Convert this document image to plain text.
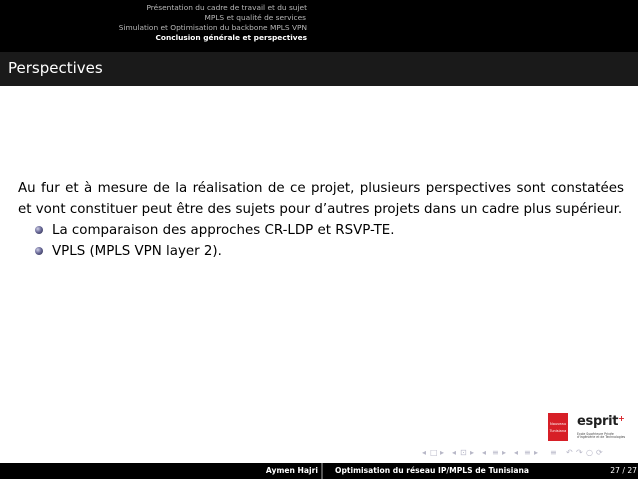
Présentation du cadre de travail et du sujet
MPLS et qualité de services
Simulation et Optimisation du backbone MPLS VPN
Conclusion générale et perspectives
Perspectives

Au fur et à mesure de la réalisation de ce projet, plusieurs perspectives sont constatées et vont constituer peut être des sujets pour d’autres projets dans un cadre plus supérieur.

La comparaison des approches CR-LDP et RSVP-TE.
VPLS (MPLS VPN layer 2).
Nouveau
Tunisiana
esprit+
Ecole Supérieure Privée d'Ingénierie et de Technologies
◂ □ ▸ ◂ ⊡ ▸ ◂ ≡ ▸ ◂ ≡ ▸ ≡ ↶ ↷ ○ ⟳
Aymen Hajri	Optimisation du réseau IP/MPLS de Tunisiana	27 / 27
